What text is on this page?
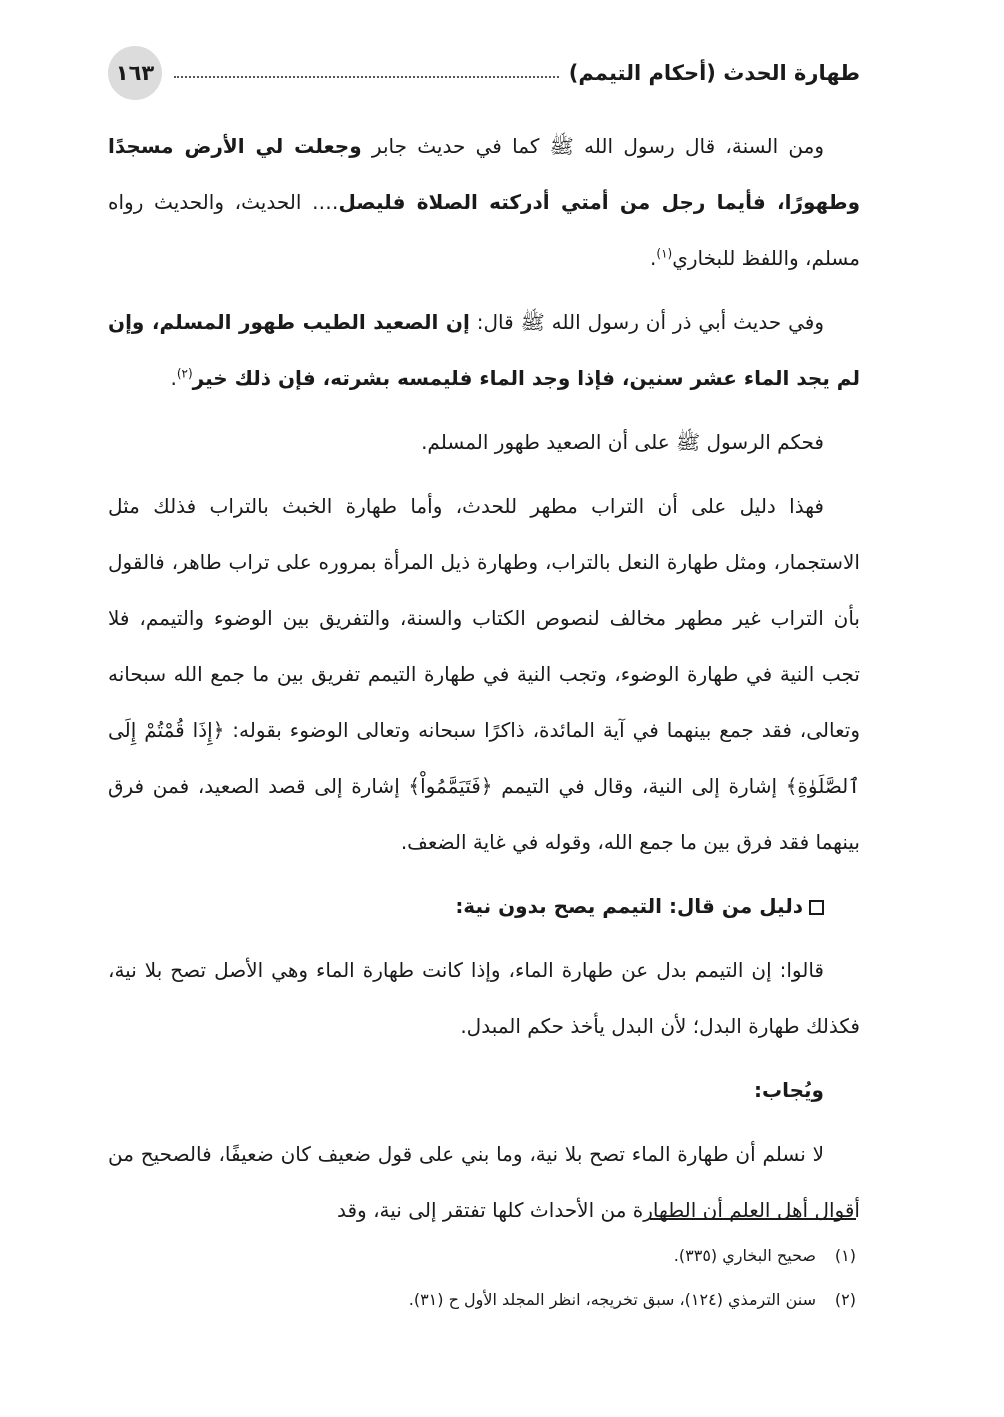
طهارة الحدث (أحكام التيمم)
١٦٣

ومن السنة، قال رسول الله ﷺ كما في حديث جابر وجعلت لي الأرض مسجدًا وطهورًا، فأيما رجل من أمتي أدركته الصلاة فليصل…. الحديث، والحديث رواه مسلم، واللفظ للبخاري$^{(١)}$.

وفي حديث أبي ذر أن رسول الله ﷺ قال: إن الصعيد الطيب طهور المسلم، وإن لم يجد الماء عشر سنين، فإذا وجد الماء فليمسه بشرته، فإن ذلك خير$^{(٢)}$.

فحكم الرسول ﷺ على أن الصعيد طهور المسلم.

فهذا دليل على أن التراب مطهر للحدث، وأما طهارة الخبث بالتراب فذلك مثل الاستجمار، ومثل طهارة النعل بالتراب، وطهارة ذيل المرأة بمروره على تراب طاهر، فالقول بأن التراب غير مطهر مخالف لنصوص الكتاب والسنة، والتفريق بين الوضوء والتيمم، فلا تجب النية في طهارة الوضوء، وتجب النية في طهارة التيمم تفريق بين ما جمع الله سبحانه وتعالى، فقد جمع بينهما في آية المائدة، ذاكرًا سبحانه وتعالى الوضوء بقوله: ﴿إِذَا قُمْتُمْ إِلَى ٱلصَّلَوٰةِ﴾ إشارة إلى النية، وقال في التيمم ﴿فَتَيَمَّمُواْ﴾ إشارة إلى قصد الصعيد، فمن فرق بينهما فقد فرق بين ما جمع الله، وقوله في غاية الضعف.

دليل من قال: التيمم يصح بدون نية:

قالوا: إن التيمم بدل عن طهارة الماء، وإذا كانت طهارة الماء وهي الأصل تصح بلا نية، فكذلك طهارة البدل؛ لأن البدل يأخذ حكم المبدل.

ويُجاب:

لا نسلم أن طهارة الماء تصح بلا نية، وما بني على قول ضعيف كان ضعيفًا، فالصحيح من أقوال أهل العلم أن الطهارة من الأحداث كلها تفتقر إلى نية، وقد

(١)صحيح البخاري (٣٣٥).
(٢)سنن الترمذي (١٢٤)، سبق تخريجه، انظر المجلد الأول ح (٣١).
